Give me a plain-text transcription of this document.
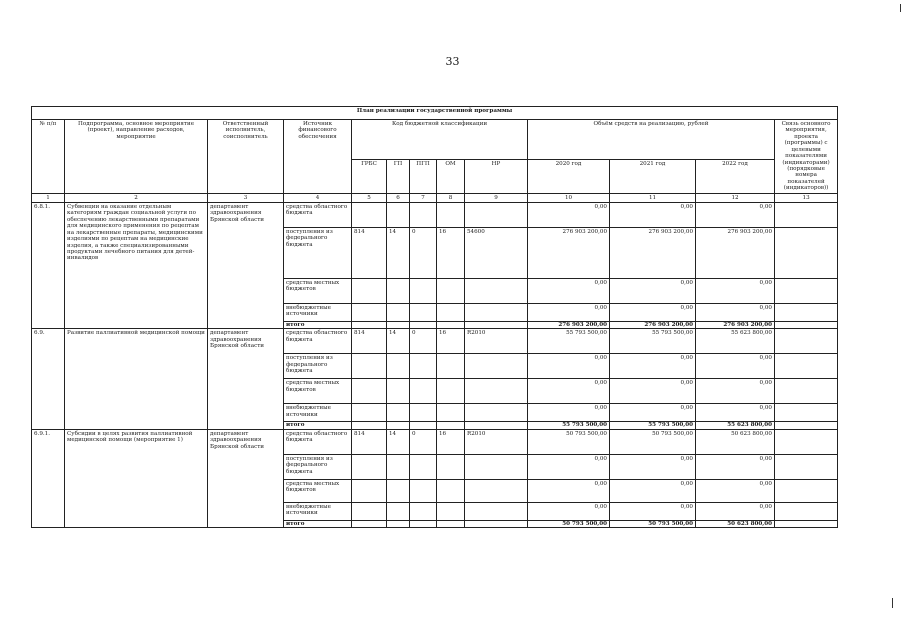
33
План реализации государственной программы												
№ п/п	Подпрограмма, основное мероприятие (проект), направление расходов, мероприятие	Ответственный исполнитель, соисполнитель	Источник финансового обеспечения	Код бюджетной классификации					Объём средств на реализацию, рублей			Связь основного мероприятия, проекта (программы) с целевыми показателями (индикаторами) (порядковые номера показателей (индикаторов))
				ГРБС	ГП	ПГП	ОМ	НР	2020 год	2021 год	2022 год	
1	2	3	4	5	6	7	8	9	10	11	12	13
6.8.1.	Субвенции на оказание отдельным категориям граждан социальной услуги по обеспечению лекарственными препаратами для медицинского применения по рецептам на лекарственные препараты, медицинскими изделиями по рецептам на медицинские изделия, а также специализированными продуктами лечебного питания для детей-инвалидов	департамент здравоохранения Брянской области	средства областного бюджета						0,00	0,00	0,00	
			поступления из федерального бюджета	814	14	0	16	54600	276 903 200,00	276 903 200,00	276 903 200,00	
			средства местных бюджетов						0,00	0,00	0,00	
			внебюджетные источники						0,00	0,00	0,00	
			итого						276 903 200,00	276 903 200,00	276 903 200,00	
6.9.	Развитие паллиативной медицинской помощи	департамент здравоохранения Брянской области	средства областного бюджета	814	14	0	16	R2010	55 793 500,00	55 793 500,00	55 623 800,00	
			поступления из федерального бюджета						0,00	0,00	0,00	
			средства местных бюджетов						0,00	0,00	0,00	
			внебюджетные источники						0,00	0,00	0,00	
			итого						55 793 500,00	55 793 500,00	55 623 800,00	
6.9.1.	Субсидии в целях развития паллиативной медицинской помощи (мероприятие 1)	департамент здравоохранения Брянской области	средства областного бюджета	814	14	0	16	R2010	50 793 500,00	50 793 500,00	50 623 800,00	
			поступления из федерального бюджета						0,00	0,00	0,00	
			средства местных бюджетов						0,00	0,00	0,00	
			внебюджетные источники						0,00	0,00	0,00	
			итого						50 793 500,00	50 793 500,00	50 623 800,00	
